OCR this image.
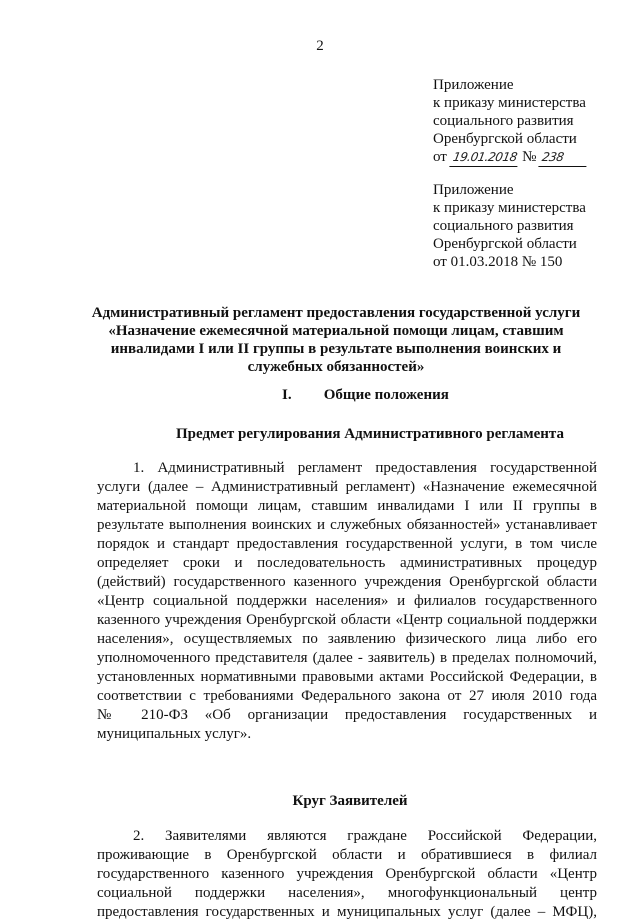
2
Приложение
к приказу министерства
социального развития
Оренбургской области
от 19.01.2018 № 238
Приложение
к приказу министерства
социального развития
Оренбургской области
от 01.03.2018 № 150
Административный регламент предоставления государственной услуги
«Назначение ежемесячной материальной помощи лицам, ставшим
инвалидами I или II группы в результате выполнения воинских и
служебных обязанностей»
I. Общие положения
Предмет регулирования Административного регламента
1. Административный регламент предоставления государственной
услуги (далее – Административный регламент) «Назначение ежемесячной
материальной помощи лицам, ставшим инвалидами I или II группы в
результате выполнения воинских и служебных обязанностей» устанавливает
порядок и стандарт предоставления государственной услуги, в том числе
определяет сроки и последовательность административных процедур
(действий) государственного казенного учреждения Оренбургской области
«Центр социальной поддержки населения» и филиалов государственного
казенного учреждения Оренбургской области «Центр социальной поддержки
населения», осуществляемых по заявлению физического лица либо его
уполномоченного представителя (далее - заявитель) в пределах полномочий,
установленных нормативными правовыми актами Российской Федерации, в
соответствии с требованиями Федерального закона от 27 июля 2010 года
№ 210-ФЗ «Об организации предоставления государственных и
муниципальных услуг».
Круг Заявителей
2. Заявителями являются граждане Российской Федерации,
проживающие в Оренбургской области и обратившиеся в филиал
государственного казенного учреждения Оренбургской области «Центр
социальной поддержки населения», многофункциональный центр
предоставления государственных и муниципальных услуг (далее – МФЦ),
